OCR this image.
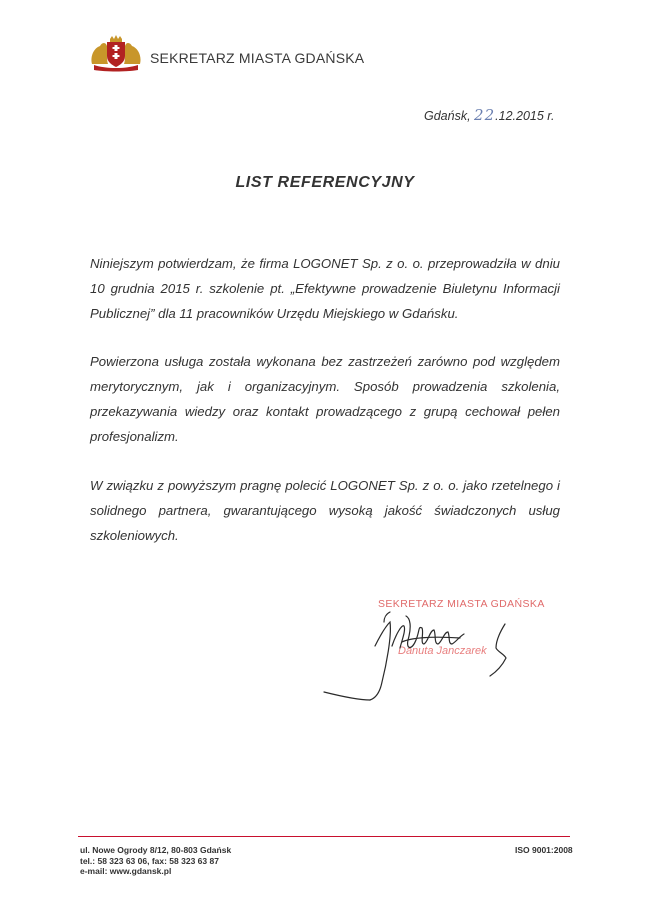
SEKRETARZ MIASTA GDAŃSKA
Gdańsk, 22.12.2015 r.
LIST REFERENCYJNY
Niniejszym potwierdzam, że firma LOGONET Sp. z o. o. przeprowadziła w dniu 10 grudnia 2015 r. szkolenie pt. „Efektywne prowadzenie Biuletynu Informacji Publicznej” dla 11 pracowników Urzędu Miejskiego w Gdańsku.
Powierzona usługa została wykonana bez zastrzeżeń zarówno pod względem merytorycznym, jak i organizacyjnym. Sposób prowadzenia szkolenia, przekazywania wiedzy oraz kontakt prowadzącego z grupą cechował pełen profesjonalizm.
W związku z powyższym pragnę polecić LOGONET Sp. z o. o. jako rzetelnego i solidnego partnera, gwarantującego wysoką jakość świadczonych usług szkoleniowych.
SEKRETARZ MIASTA GDAŃSKA
Danuta Janczarek
ul. Nowe Ogrody 8/12, 80-803 Gdańsk
tel.: 58 323 63 06, fax: 58 323 63 87
e-mail: www.gdansk.pl
ISO 9001:2008
